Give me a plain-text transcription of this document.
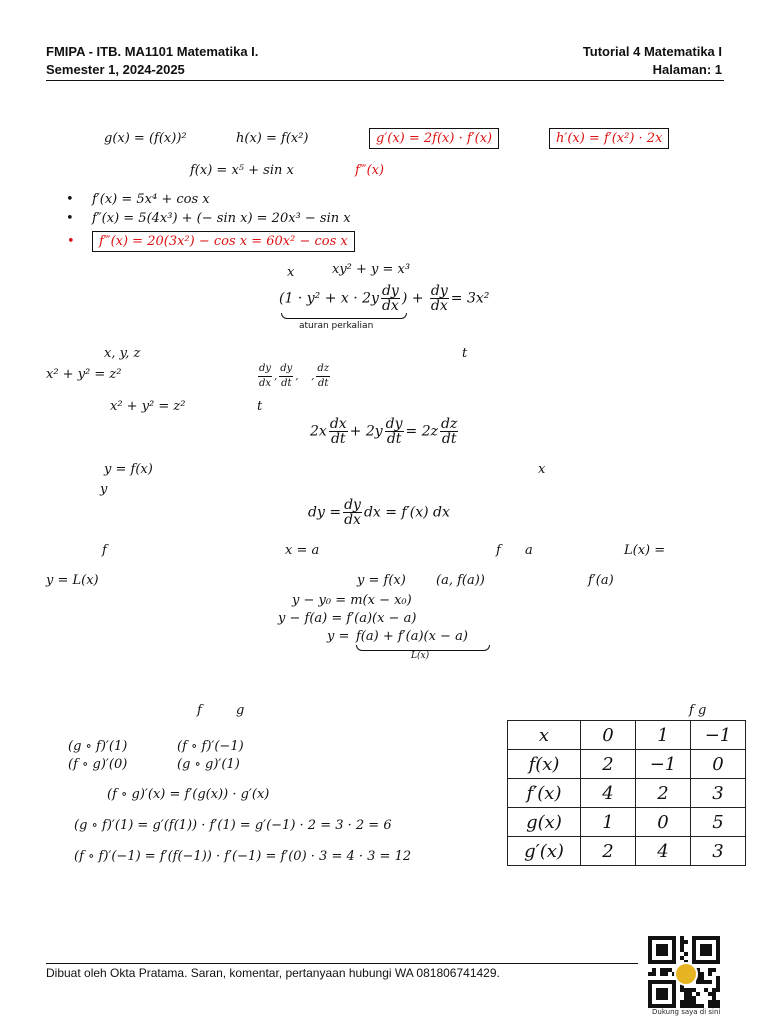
FMIPA - ITB. MA1101 Matematika I.
Semester 1, 2024-2025
Tutorial 4 Matematika I
Halaman: 1
g(x) = (f(x))²	h(x) = f(x²)	g′(x) = 2f(x) · f′(x)	h′(x) = f′(x²) · 2x
f(x) = x⁵ + sin x	f‴(x)
• f′(x) = 5x⁴ + cos x
• f″(x) = 5(4x³) + (− sin x) = 20x³ − sin x
• f‴(x) = 20(3x²) − cos x = 60x² − cos x
x	xy² + y = x³
($1 \cdot y^2 + x \cdot 2y \frac{dy}{dx}$ ) + $\frac{dy}{dx} = 3x^2$
aturan perkalian
x, y, z	t
x² + y² = z²	$\frac{dy}{dx}$ , $\frac{dy}{dt}$ ,    , $\frac{dz}{dt}$
x² + y² = z²	t
$2x \frac{dx}{dt} + 2y \frac{dy}{dt} = 2z \frac{dz}{dt}$
y = f(x)	x
y
dy = $\frac{dy}{dx}$ dx = f′(x) dx
f	x = a	f a	L(x) =
y = L(x)	y = f(x) (a, f(a))	f′(a)
y − y₀ = m(x − x₀)
y − f(a) = f′(a)(x − a)
y = f(a) + f′(a)(x − a)
L(x)
f	g	f g
(g ∘ f)′(1)	(f ∘ f)′(−1)
(f ∘ g)′(0)	(g ∘ g)′(1)
(f ∘ g)′(x) = f′(g(x)) · g′(x)
(g ∘ f)′(1) = g′(f(1)) · f′(1) = g′(−1) · 2 = 3 · 2 = 6
(f ∘ f)′(−1) = f′(f(−1)) · f′(−1) = f′(0) · 3 = 4 · 3 = 12
x	0	1	−1
f(x)	2	−1	0
f′(x)	4	2	3
g(x)	1	0	5
g′(x)	2	4	3
Dibuat oleh Okta Pratama. Saran, komentar, pertanyaan hubungi WA 081806741429.
Dukung saya di sini
